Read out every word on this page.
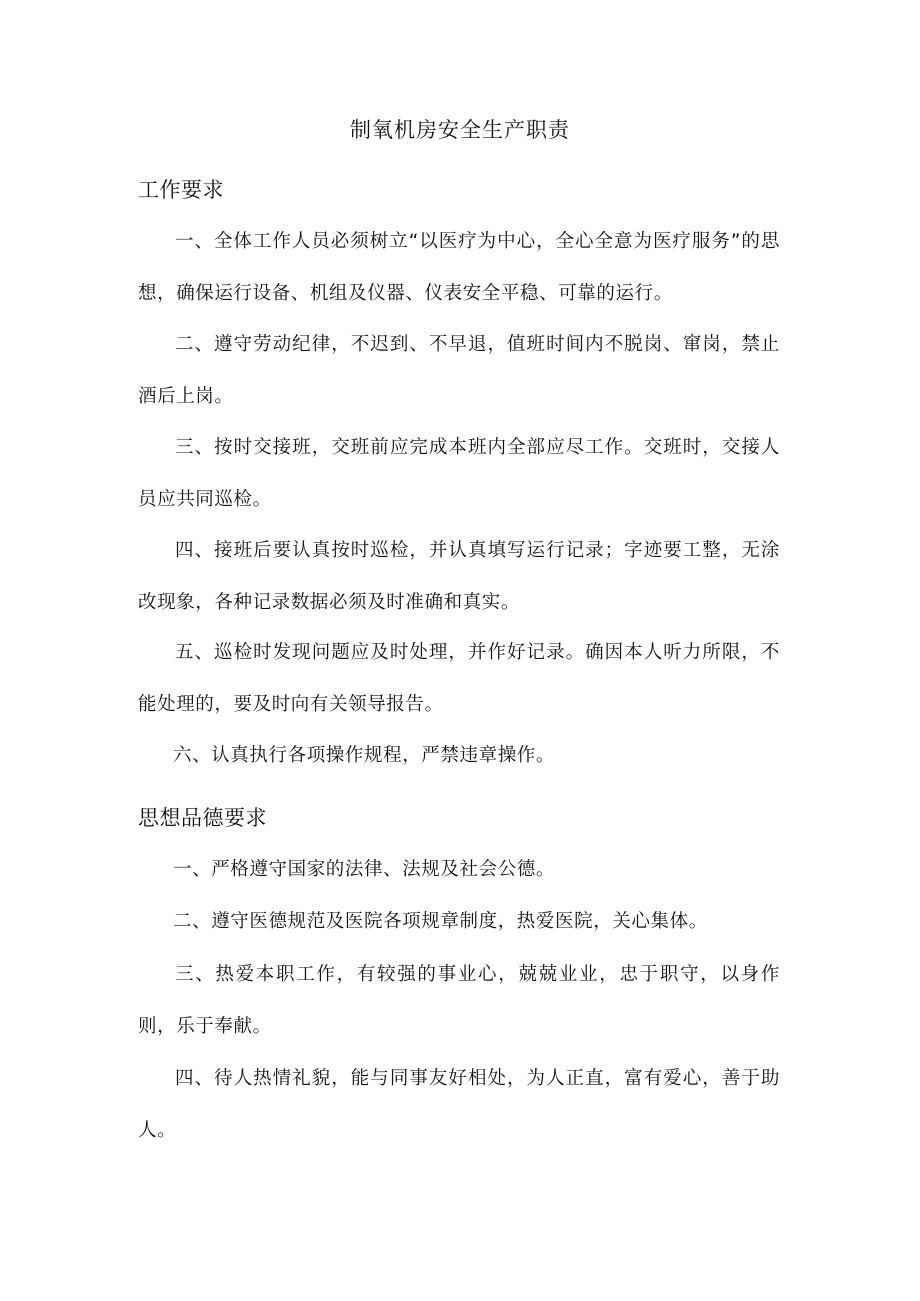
制氧机房安全生产职责
工作要求
一、全体工作人员必须树立“以医疗为中心，全心全意为医疗服务”的思想，确保运行设备、机组及仪器、仪表安全平稳、可靠的运行。
二、遵守劳动纪律，不迟到、不早退，值班时间内不脱岗、窜岗，禁止酒后上岗。
三、按时交接班，交班前应完成本班内全部应尽工作。交班时，交接人员应共同巡检。
四、接班后要认真按时巡检，并认真填写运行记录；字迹要工整，无涂改现象，各种记录数据必须及时准确和真实。
五、巡检时发现问题应及时处理，并作好记录。确因本人听力所限，不能处理的，要及时向有关领导报告。
六、认真执行各项操作规程，严禁违章操作。
思想品德要求
一、严格遵守国家的法律、法规及社会公德。
二、遵守医德规范及医院各项规章制度，热爱医院，关心集体。
三、热爱本职工作，有较强的事业心，兢兢业业，忠于职守，以身作则，乐于奉献。
四、待人热情礼貌，能与同事友好相处，为人正直，富有爱心，善于助人。
